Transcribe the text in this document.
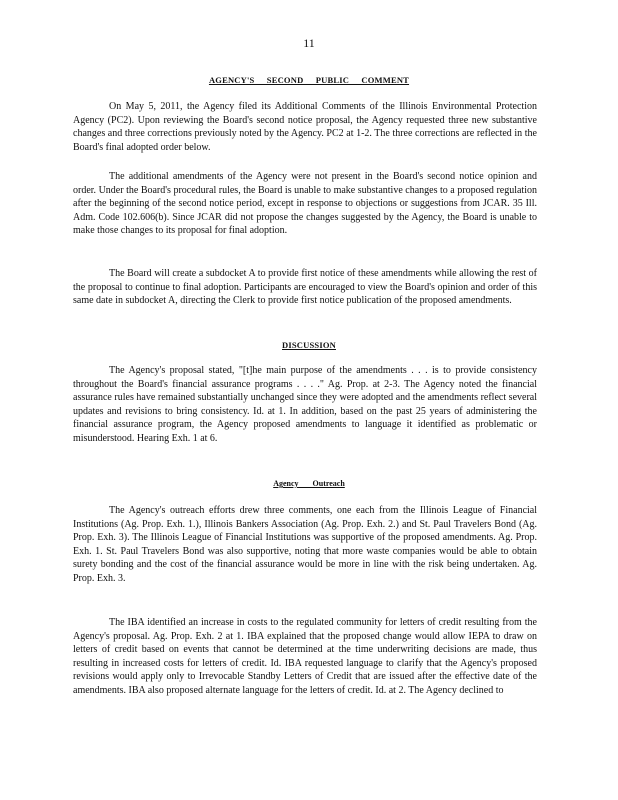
11
AGENCY'S SECOND PUBLIC COMMENT

On May 5, 2011, the Agency filed its Additional Comments of the Illinois Environmental Protection Agency (PC2). Upon reviewing the Board's second notice proposal, the Agency requested three new substantive changes and three corrections previously noted by the Agency. PC2 at 1-2. The three corrections are reflected in the Board's final adopted order below.

The additional amendments of the Agency were not present in the Board's second notice opinion and order. Under the Board's procedural rules, the Board is unable to make substantive changes to a proposed regulation after the beginning of the second notice period, except in response to objections or suggestions from JCAR. 35 Ill. Adm. Code 102.606(b). Since JCAR did not propose the changes suggested by the Agency, the Board is unable to make those changes to its proposal for final adoption.

The Board will create a subdocket A to provide first notice of these amendments while allowing the rest of the proposal to continue to final adoption. Participants are encouraged to view the Board's opinion and order of this same date in subdocket A, directing the Clerk to provide first notice publication of the proposed amendments.

DISCUSSION

The Agency's proposal stated, "[t]he main purpose of the amendments . . . is to provide consistency throughout the Board's financial assurance programs . . . ." Ag. Prop. at 2-3. The Agency noted the financial assurance rules have remained substantially unchanged since they were adopted and the amendments reflect several updates and revisions to bring consistency. Id. at 1. In addition, based on the past 25 years of administering the financial assurance program, the Agency proposed amendments to language it identified as problematic or misunderstood. Hearing Exh. 1 at 6.

Agency Outreach

The Agency's outreach efforts drew three comments, one each from the Illinois League of Financial Institutions (Ag. Prop. Exh. 1.), Illinois Bankers Association (Ag. Prop. Exh. 2.) and St. Paul Travelers Bond (Ag. Prop. Exh. 3). The Illinois League of Financial Institutions was supportive of the proposed amendments. Ag. Prop. Exh. 1. St. Paul Travelers Bond was also supportive, noting that more waste companies would be able to obtain surety bonding and the cost of the financial assurance would be more in line with the risk being undertaken. Ag. Prop. Exh. 3.

The IBA identified an increase in costs to the regulated community for letters of credit resulting from the Agency's proposal. Ag. Prop. Exh. 2 at 1. IBA explained that the proposed change would allow IEPA to draw on letters of credit based on events that cannot be determined at the time underwriting decisions are made, thus resulting in increased costs for letters of credit. Id. IBA requested language to clarify that the Agency's proposed revisions would apply only to Irrevocable Standby Letters of Credit that are issued after the effective date of the amendments. IBA also proposed alternate language for the letters of credit. Id. at 2. The Agency declined to
